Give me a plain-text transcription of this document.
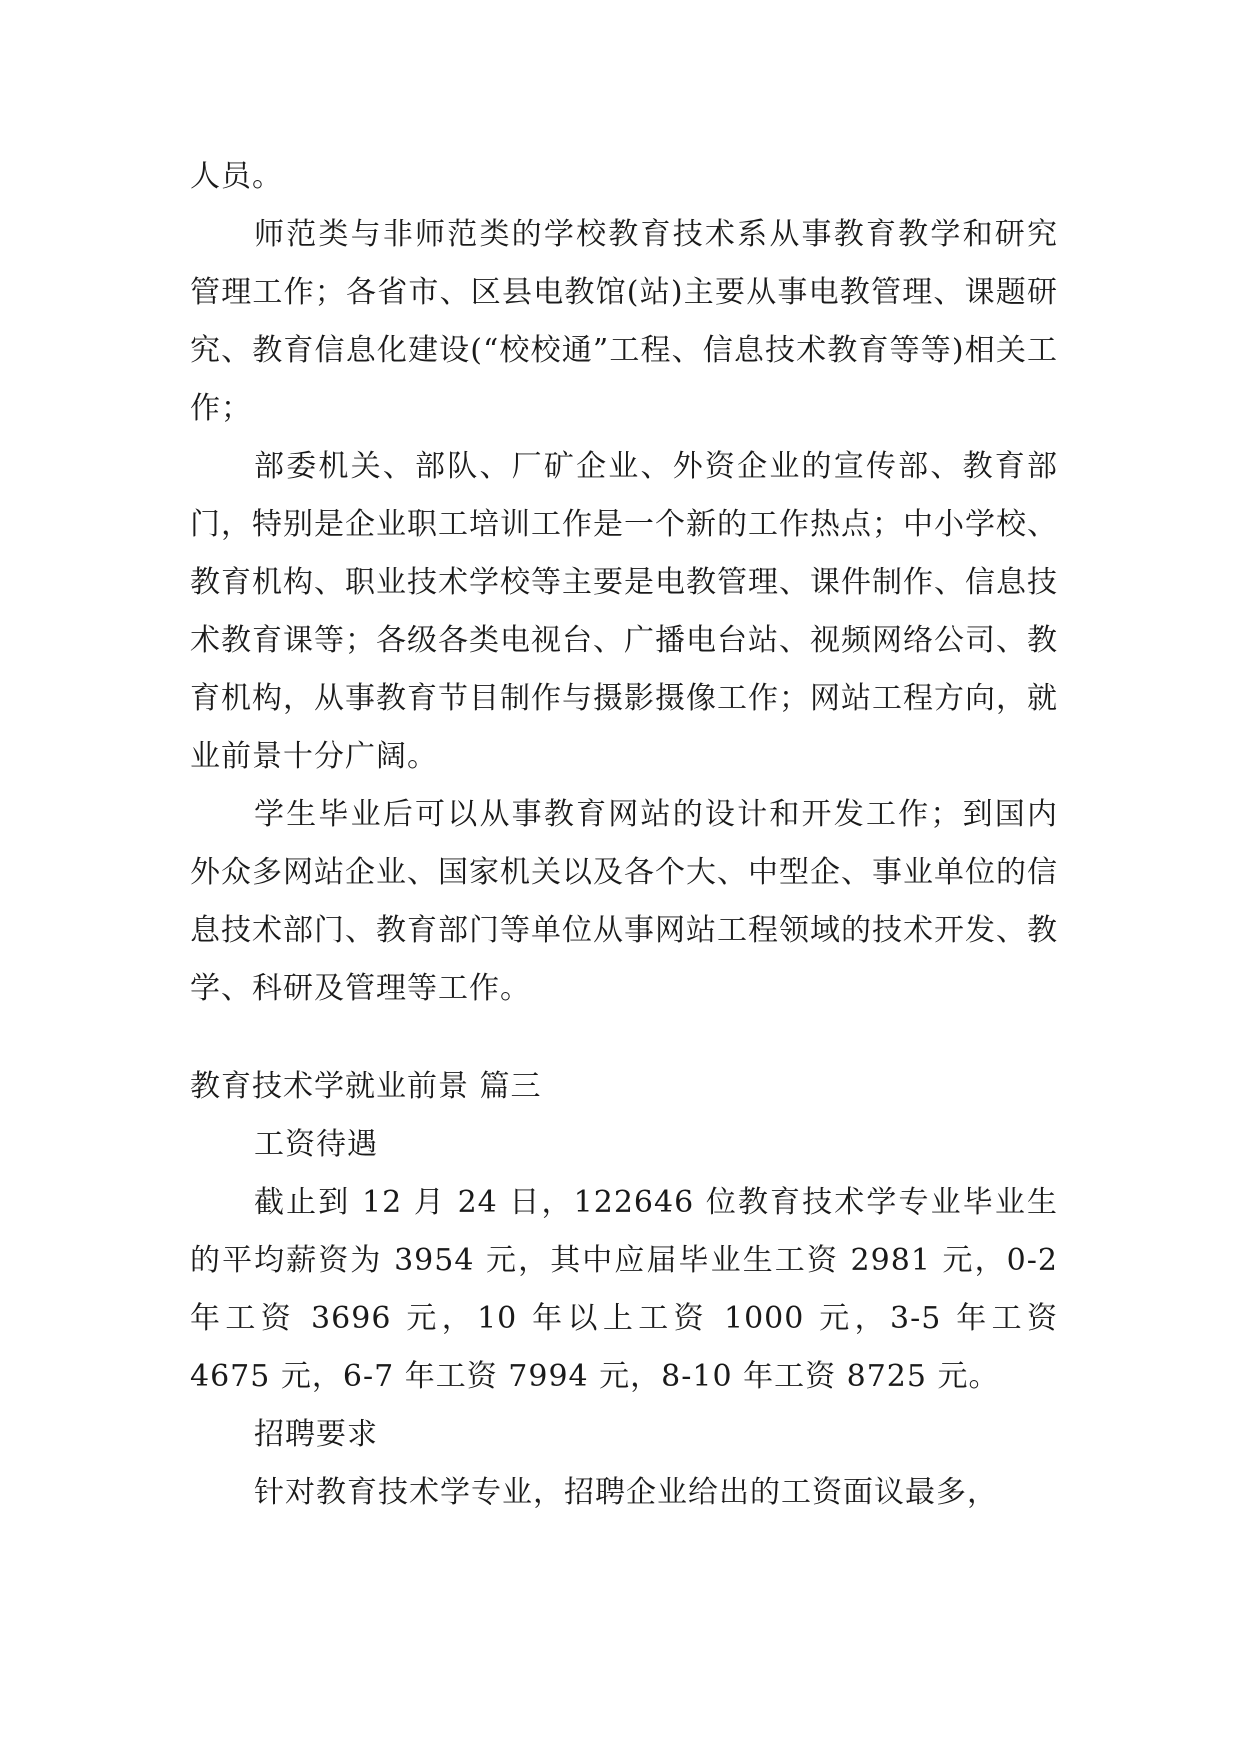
人员。

师范类与非师范类的学校教育技术系从事教育教学和研究管理工作；各省市、区县电教馆(站)主要从事电教管理、课题研究、教育信息化建设(“校校通”工程、信息技术教育等等)相关工作；

部委机关、部队、厂矿企业、外资企业的宣传部、教育部门，特别是企业职工培训工作是一个新的工作热点；中小学校、教育机构、职业技术学校等主要是电教管理、课件制作、信息技术教育课等；各级各类电视台、广播电台站、视频网络公司、教育机构，从事教育节目制作与摄影摄像工作；网站工程方向，就业前景十分广阔。

学生毕业后可以从事教育网站的设计和开发工作；到国内外众多网站企业、国家机关以及各个大、中型企、事业单位的信息技术部门、教育部门等单位从事网站工程领域的技术开发、教学、科研及管理等工作。

教育技术学就业前景 篇三

工资待遇

截止到 12 月 24 日，122646 位教育技术学专业毕业生的平均薪资为 3954 元，其中应届毕业生工资 2981 元，0-2 年工资 3696 元，10 年以上工资 1000 元，3-5 年工资 4675 元，6-7 年工资 7994 元，8-10 年工资 8725 元。

招聘要求

针对教育技术学专业，招聘企业给出的工资面议最多，
